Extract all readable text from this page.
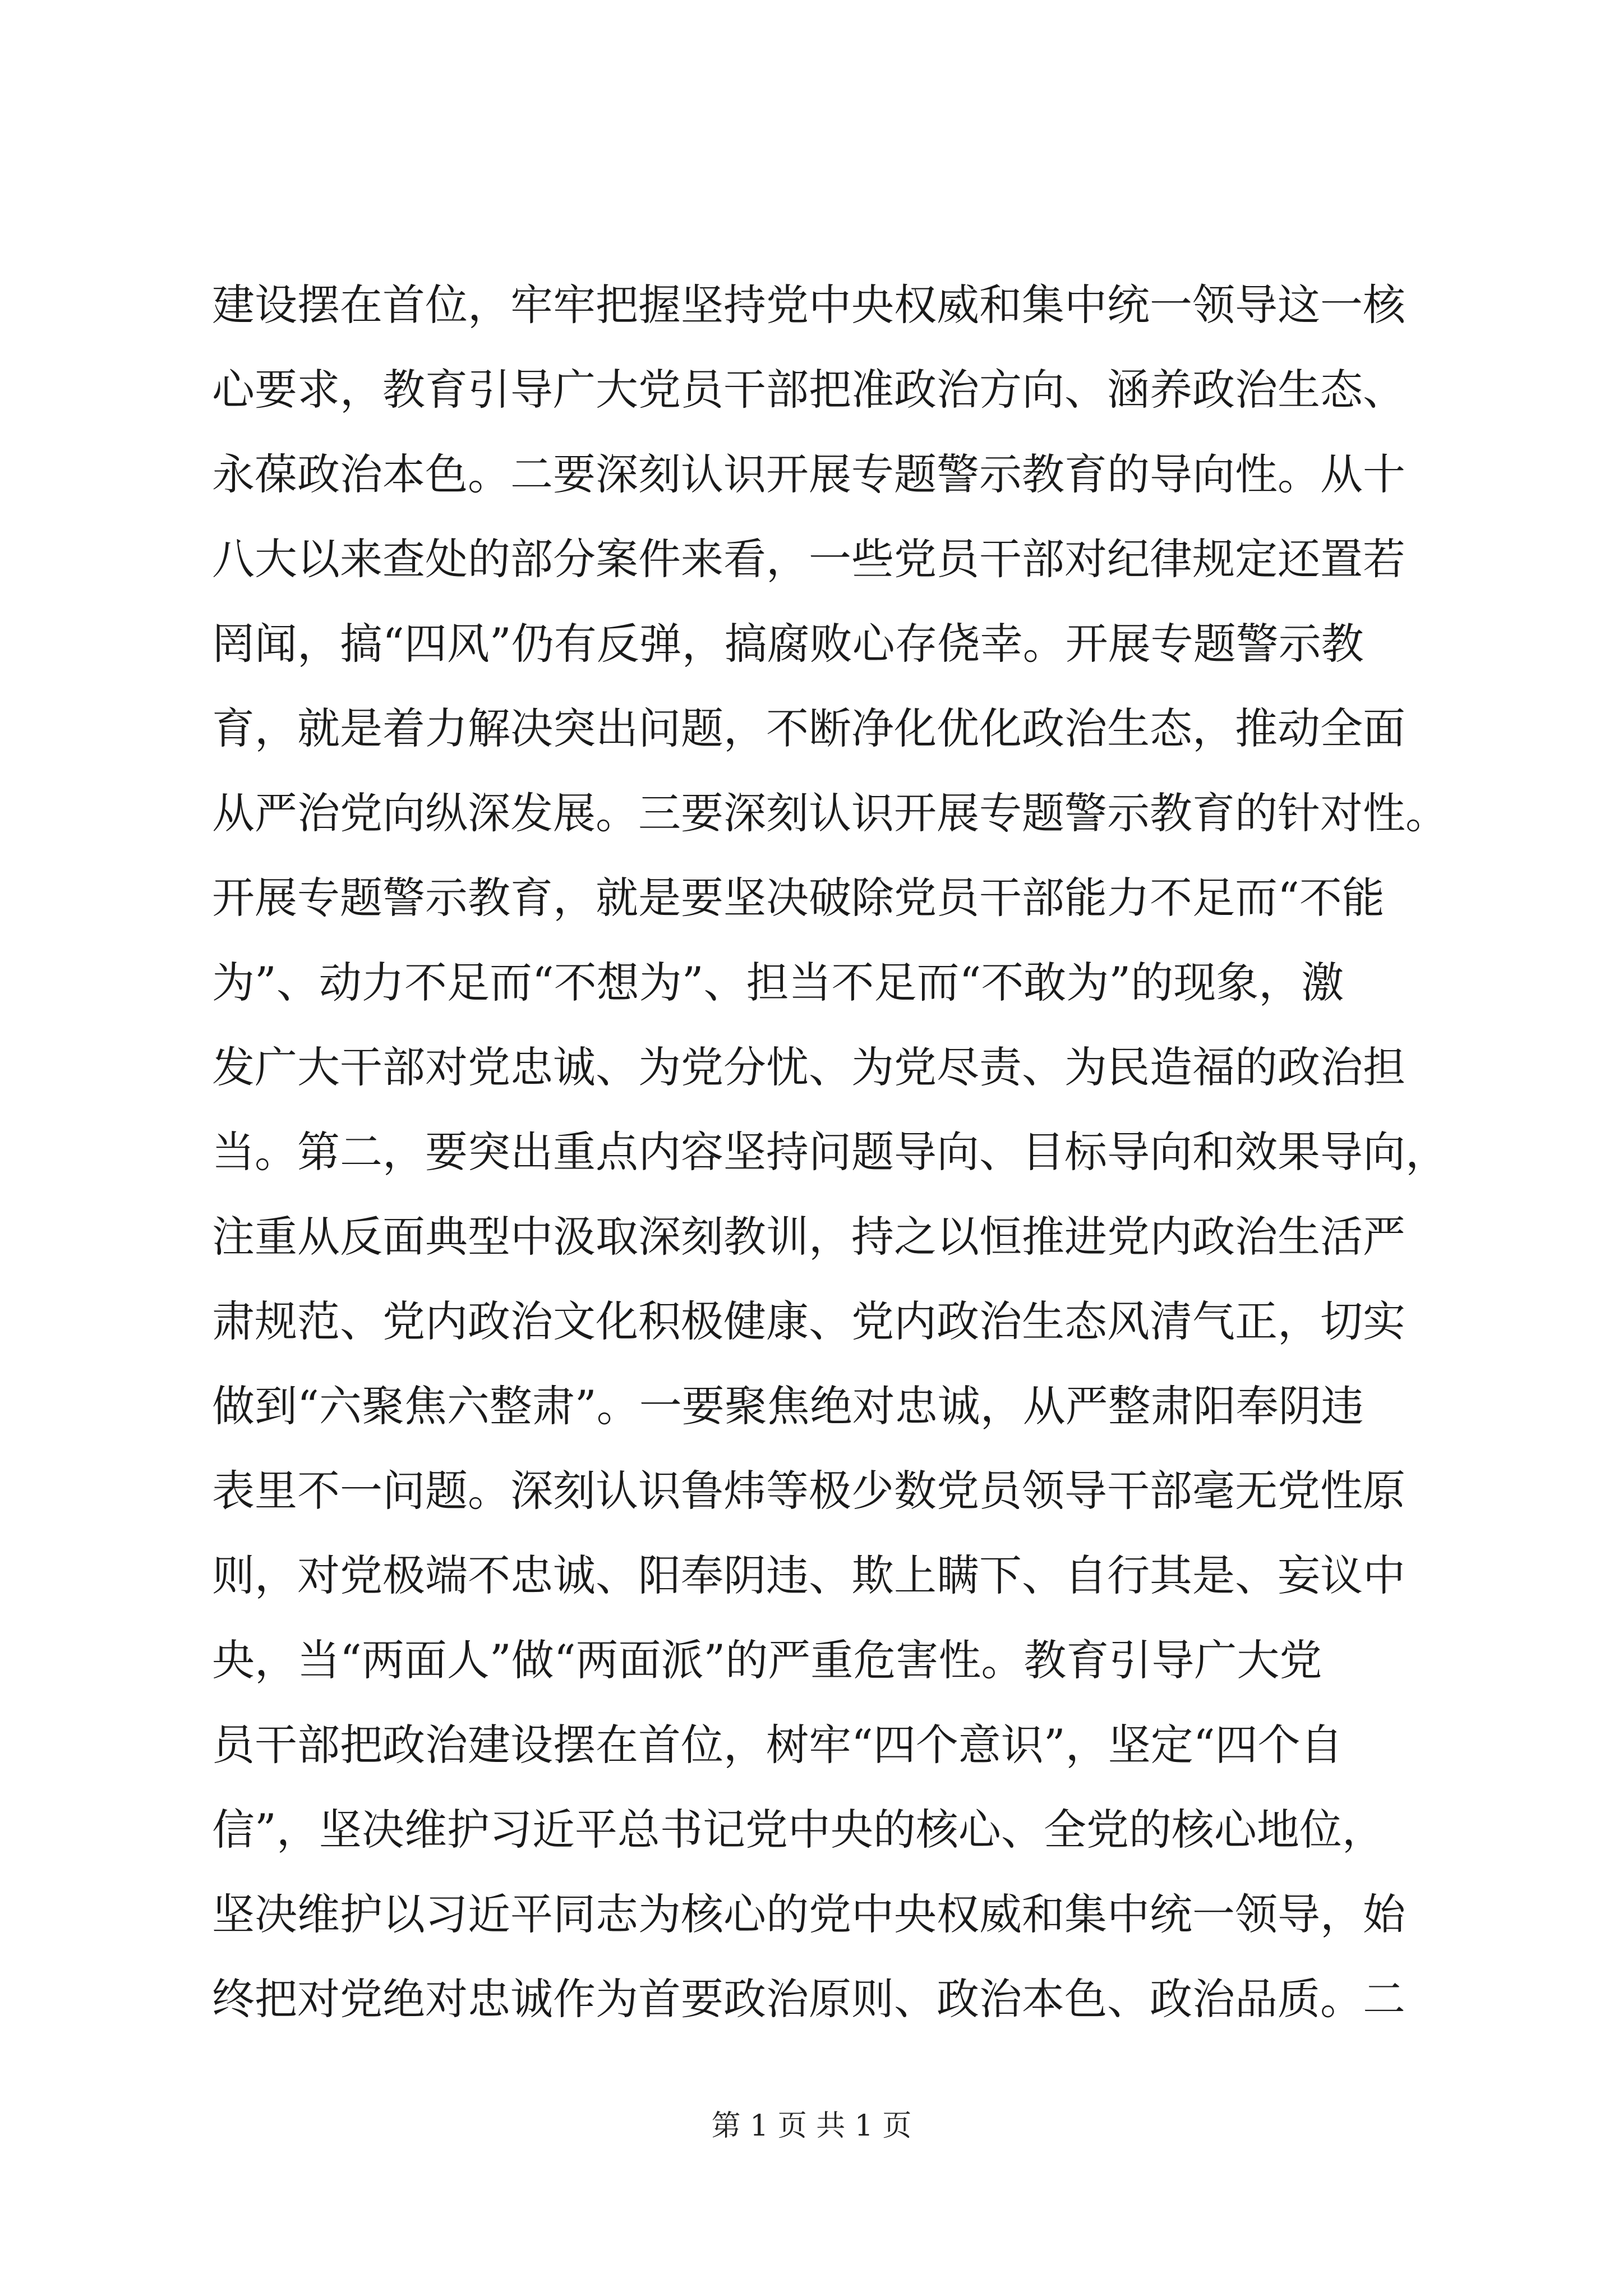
建设摆在首位，牢牢把握坚持党中央权威和集中统一领导这一核
心要求，教育引导广大党员干部把准政治方向、涵养政治生态、
永葆政治本色。二要深刻认识开展专题警示教育的导向性。从十
八大以来查处的部分案件来看，一些党员干部对纪律规定还置若
罔闻，搞“四风”仍有反弹，搞腐败心存侥幸。开展专题警示教
育，就是着力解决突出问题，不断净化优化政治生态，推动全面
从严治党向纵深发展。三要深刻认识开展专题警示教育的针对性。
开展专题警示教育，就是要坚决破除党员干部能力不足而“不能
为”、动力不足而“不想为”、担当不足而“不敢为”的现象，激
发广大干部对党忠诚、为党分忧、为党尽责、为民造福的政治担
当。第二，要突出重点内容坚持问题导向、目标导向和效果导向，
注重从反面典型中汲取深刻教训，持之以恒推进党内政治生活严
肃规范、党内政治文化积极健康、党内政治生态风清气正，切实
做到“六聚焦六整肃”。一要聚焦绝对忠诚，从严整肃阳奉阴违
表里不一问题。深刻认识鲁炜等极少数党员领导干部毫无党性原
则，对党极端不忠诚、阳奉阴违、欺上瞒下、自行其是、妄议中
央，当“两面人”做“两面派”的严重危害性。教育引导广大党
员干部把政治建设摆在首位，树牢“四个意识”，坚定“四个自
信”，坚决维护习近平总书记党中央的核心、全党的核心地位，
坚决维护以习近平同志为核心的党中央权威和集中统一领导，始
终把对党绝对忠诚作为首要政治原则、政治本色、政治品质。二
第 1 页 共 1 页
